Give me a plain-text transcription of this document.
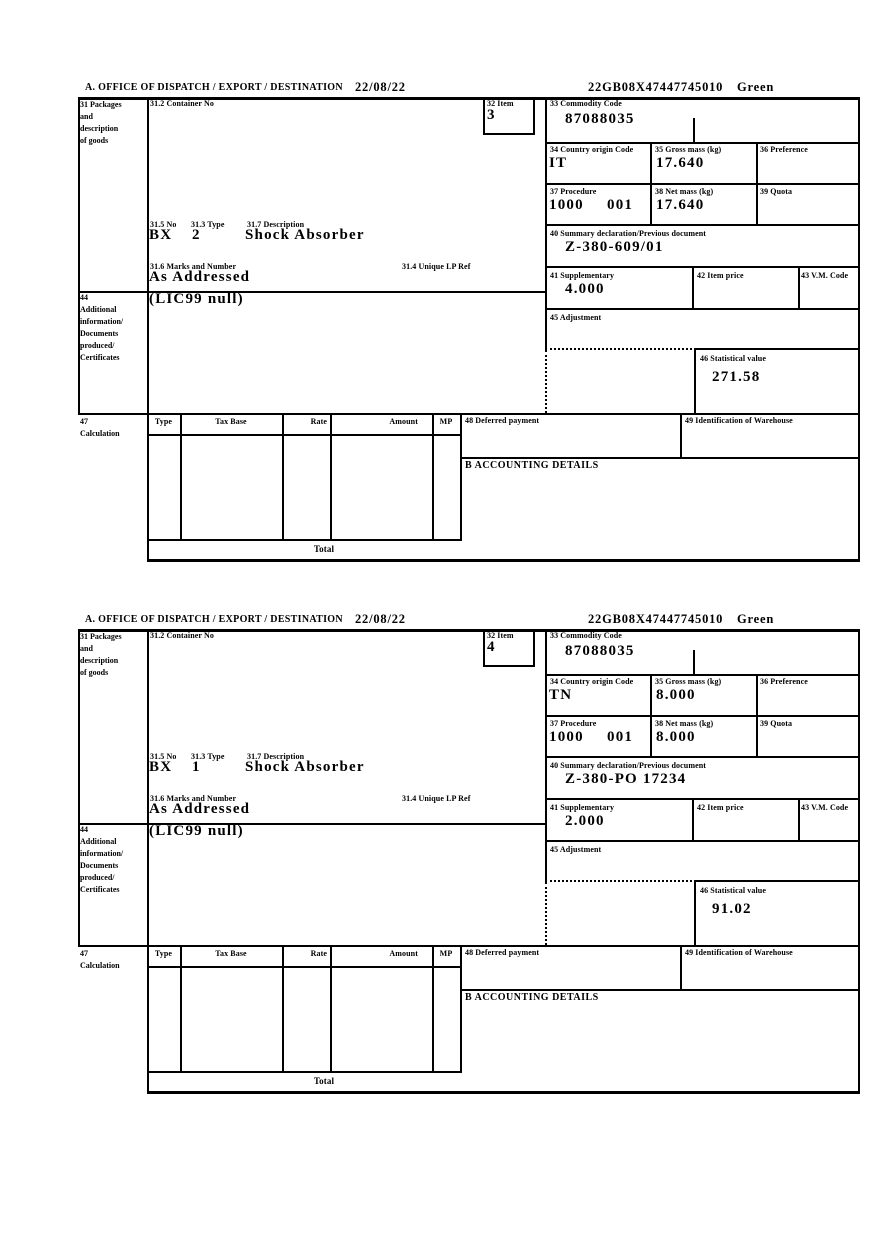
A. OFFICE OF DISPATCH / EXPORT / DESTINATION 22/08/22	22GB08X47447745010 Green
31 Packages
and
description
of goods
31.2 Container No	32 Item
3
33 Commodity Code
87088035
34 Country origin Code
IT
35 Gross mass (kg)
17.640
36 Preference
37 Procedure
1000 001
38 Net mass (kg)
17.640
39 Quota
40 Summary declaration/Previous document
Z-380-609/01
41 Supplementary
4.000
42 Item price	43 V.M. Code
45 Adjustment
46 Statistical value
271.58
31.5 No 31.3 Type	31.7 Description
BX 2	Shock Absorber
31.6 Marks and Number	31.4 Unique LP Ref
As Addressed
44
Additional
information/
Documents
produced/
Certificates
(LIC99 null)
47
Calculation
Type	Tax Base	Rate	Amount	MP	48 Deferred payment	49 Identification of Warehouse
B ACCOUNTING DETAILS
Total
A. OFFICE OF DISPATCH / EXPORT / DESTINATION 22/08/22	22GB08X47447745010 Green
31 Packages
and
description
of goods
31.2 Container No	32 Item
4
33 Commodity Code
87088035
34 Country origin Code
TN
35 Gross mass (kg)
8.000
36 Preference
37 Procedure
1000 001
38 Net mass (kg)
8.000
39 Quota
40 Summary declaration/Previous document
Z-380-PO 17234
41 Supplementary
2.000
42 Item price	43 V.M. Code
45 Adjustment
46 Statistical value
91.02
31.5 No 31.3 Type	31.7 Description
BX 1	Shock Absorber
31.6 Marks and Number	31.4 Unique LP Ref
As Addressed
44
Additional
information/
Documents
produced/
Certificates
(LIC99 null)
47
Calculation
Type	Tax Base	Rate	Amount	MP	48 Deferred payment	49 Identification of Warehouse
B ACCOUNTING DETAILS
Total
